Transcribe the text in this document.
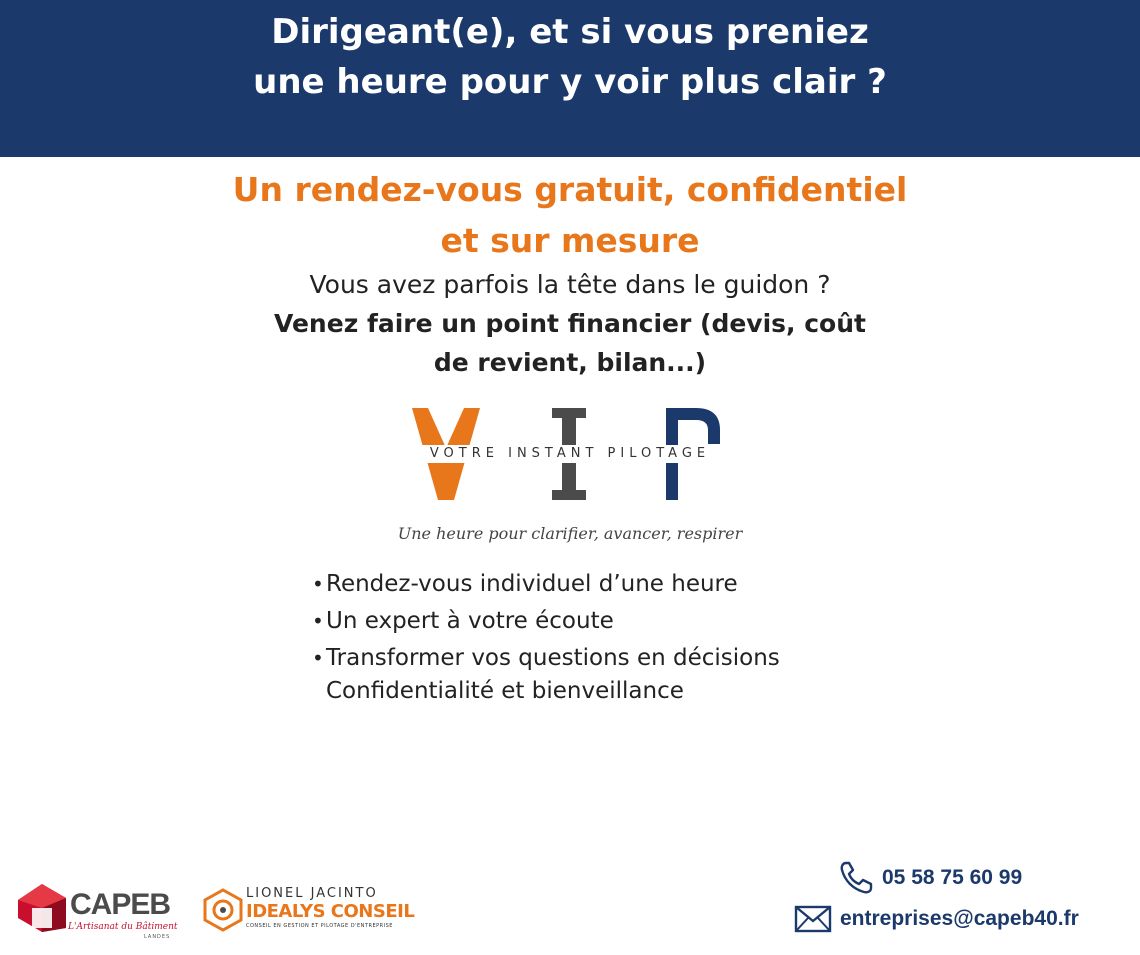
Dirigeant(e), et si vous preniez
une heure pour y voir plus clair ?
Un rendez-vous gratuit, confidentiel
et sur mesure
Vous avez parfois la tête dans le guidon ?
Venez faire un point financier (devis, coût
de revient, bilan...)
VOTRE INSTANT PILOTAGE
Une heure pour clarifier, avancer, respirer
• Rendez-vous individuel d’une heure
• Un expert à votre écoute
• Transformer vos questions en décisions
Confidentialité et bienveillance
CAPEB
L'Artisanat du Bâtiment
LANDES
LIONEL JACINTO
IDEALYS CONSEIL
CONSEIL EN GESTION ET PILOTAGE D'ENTREPRISE
05 58 75 60 99
entreprises@capeb40.fr
